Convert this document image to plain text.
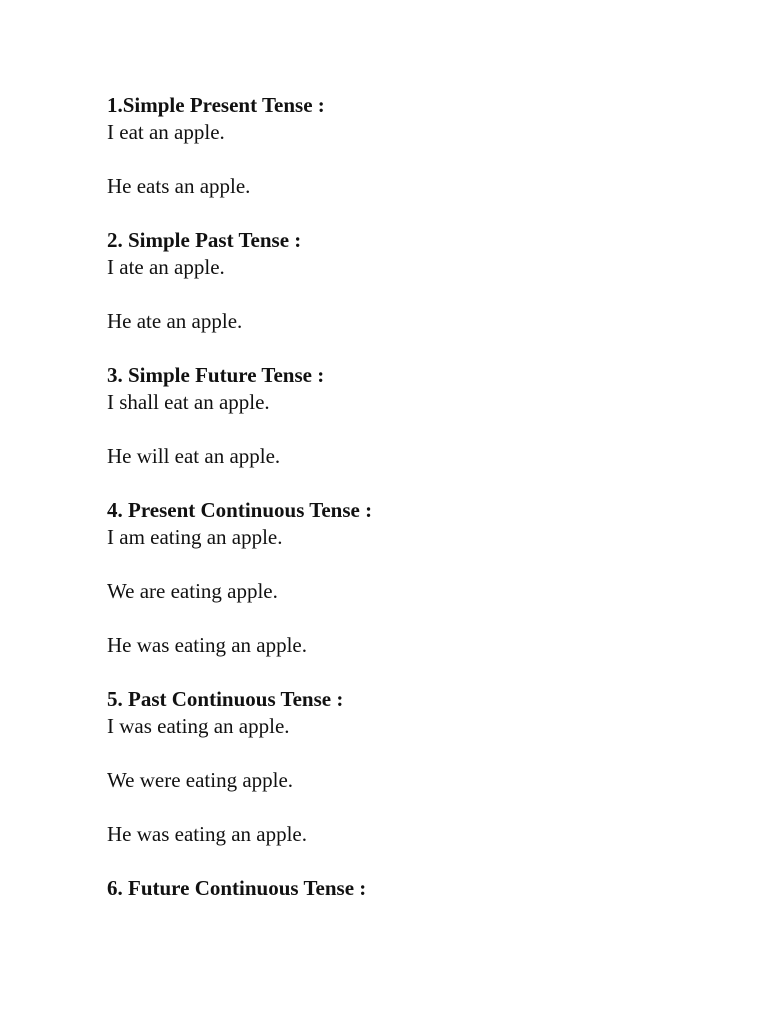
1.Simple Present Tense :

I eat an apple.

He eats an apple.

2. Simple Past Tense :

I ate an apple.

He ate an apple.

3. Simple Future Tense :

I shall eat an apple.

He will eat an apple.

4. Present Continuous Tense :

I am eating an apple.

We are eating apple.

He was eating an apple.

5. Past Continuous Tense :

I was eating an apple.

We were eating apple.

He was eating an apple.

6. Future Continuous Tense :
